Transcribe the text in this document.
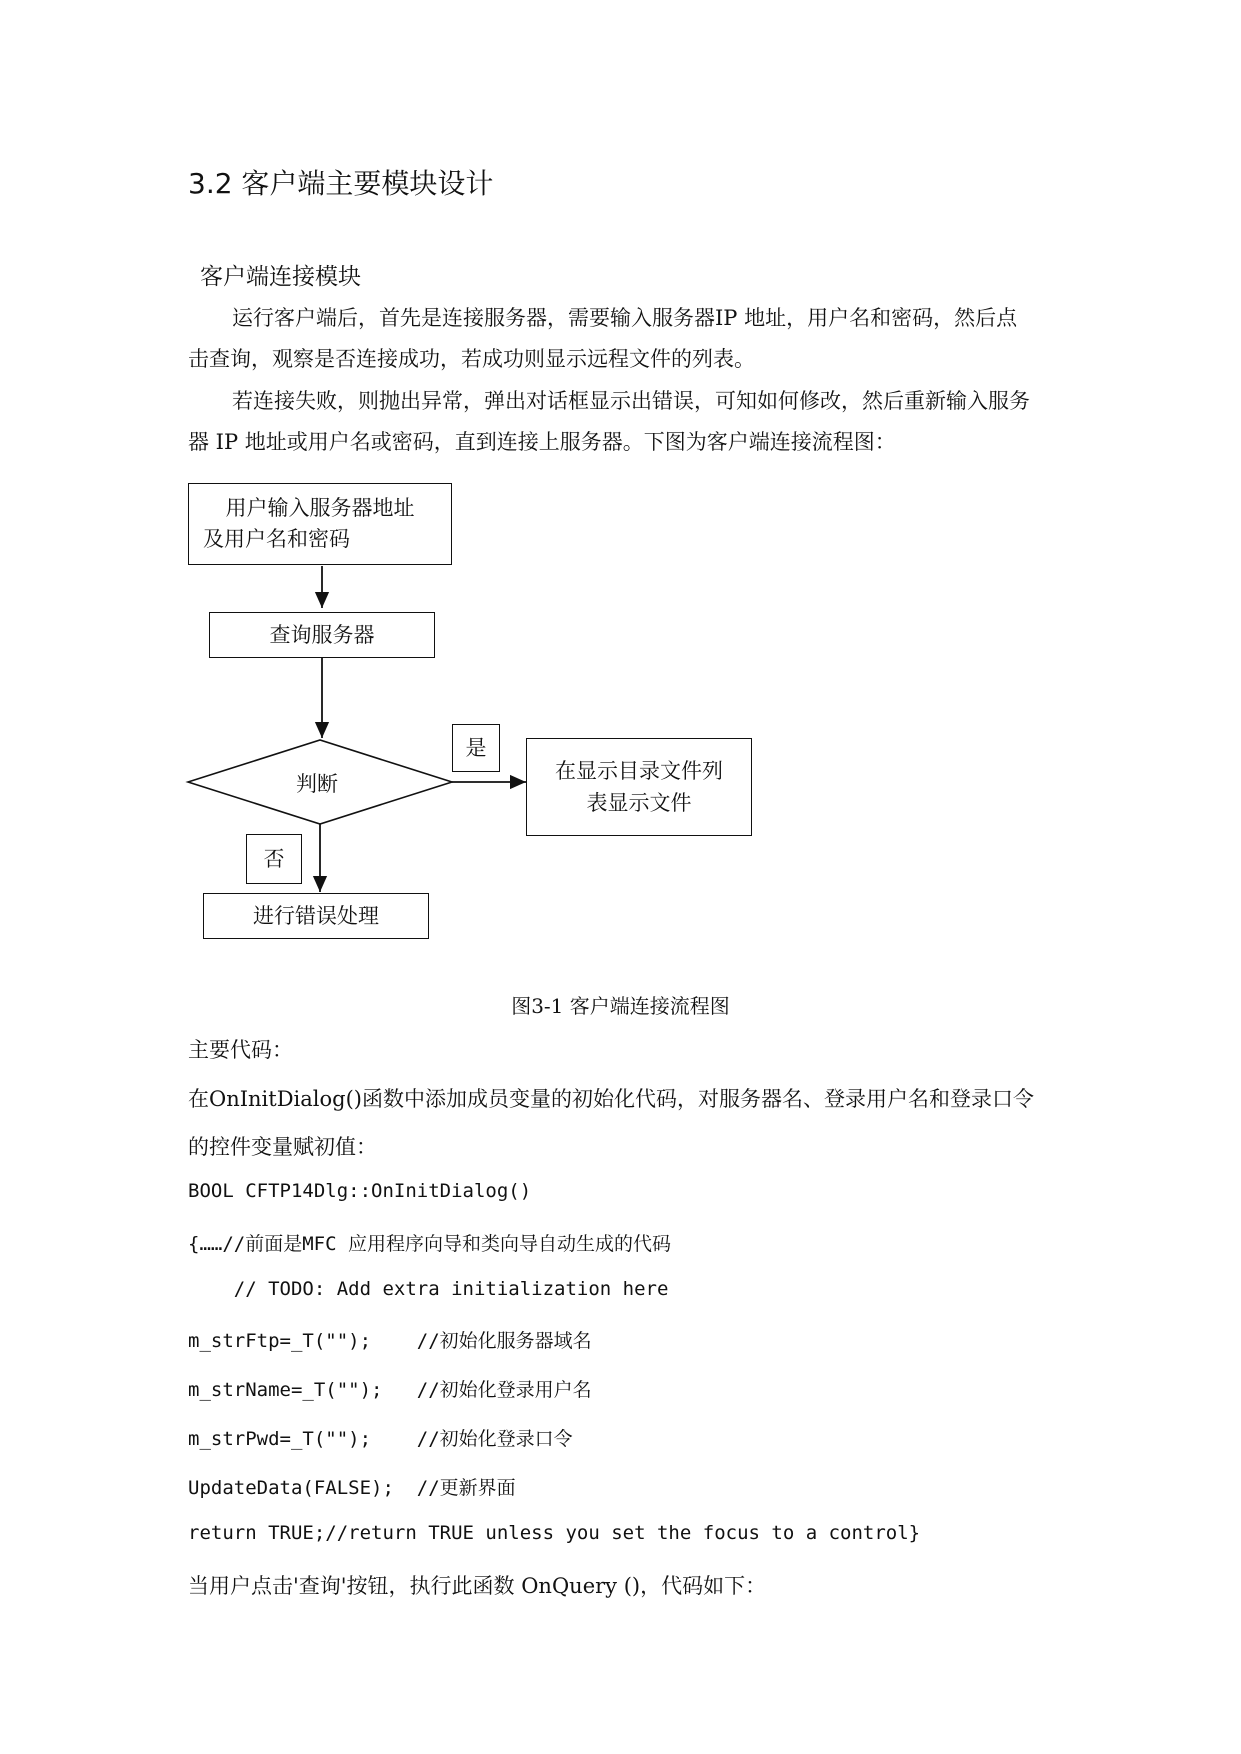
3.2 客户端主要模块设计
客户端连接模块
运行客户端后，首先是连接服务器，需要输入服务器IP 地址，用户名和密码，然后点
击查询，观察是否连接成功，若成功则显示远程文件的列表。
若连接失败，则抛出异常，弹出对话框显示出错误，可知如何修改，然后重新输入服务
器 IP 地址或用户名或密码，直到连接上服务器。下图为客户端连接流程图：
用户输入服务器地址
及用户名和密码
查询服务器
判断
是
在显示目录文件列
表显示文件
否
进行错误处理
图3-1 客户端连接流程图
主要代码：
在OnInitDialog()函数中添加成员变量的初始化代码，对服务器名、登录用户名和登录口令
的控件变量赋初值：
BOOL CFTP14Dlg::OnInitDialog()
{……//前面是MFC 应用程序向导和类向导自动生成的代码
// TODO: Add extra initialization here
m_strFtp=_T("");    //初始化服务器域名
m_strName=_T("");   //初始化登录用户名
m_strPwd=_T("");    //初始化登录口令
UpdateData(FALSE);  //更新界面
return TRUE;//return TRUE unless you set the focus to a control}
当用户点击'查询'按钮，执行此函数 OnQuery ()，代码如下：
